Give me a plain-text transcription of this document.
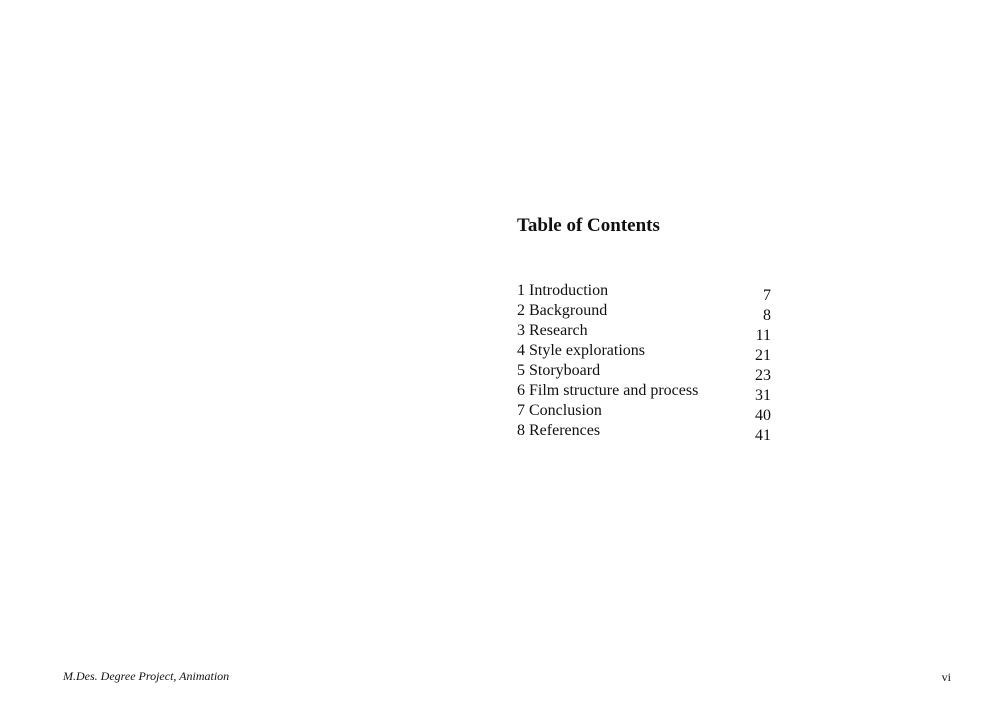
Table of Contents
1 Introduction	7
2 Background	8
3 Research	11
4 Style explorations	21
5 Storyboard	23
6 Film structure and process	31
7 Conclusion	40
8 References	41
M.Des. Degree Project, Animation	vi
